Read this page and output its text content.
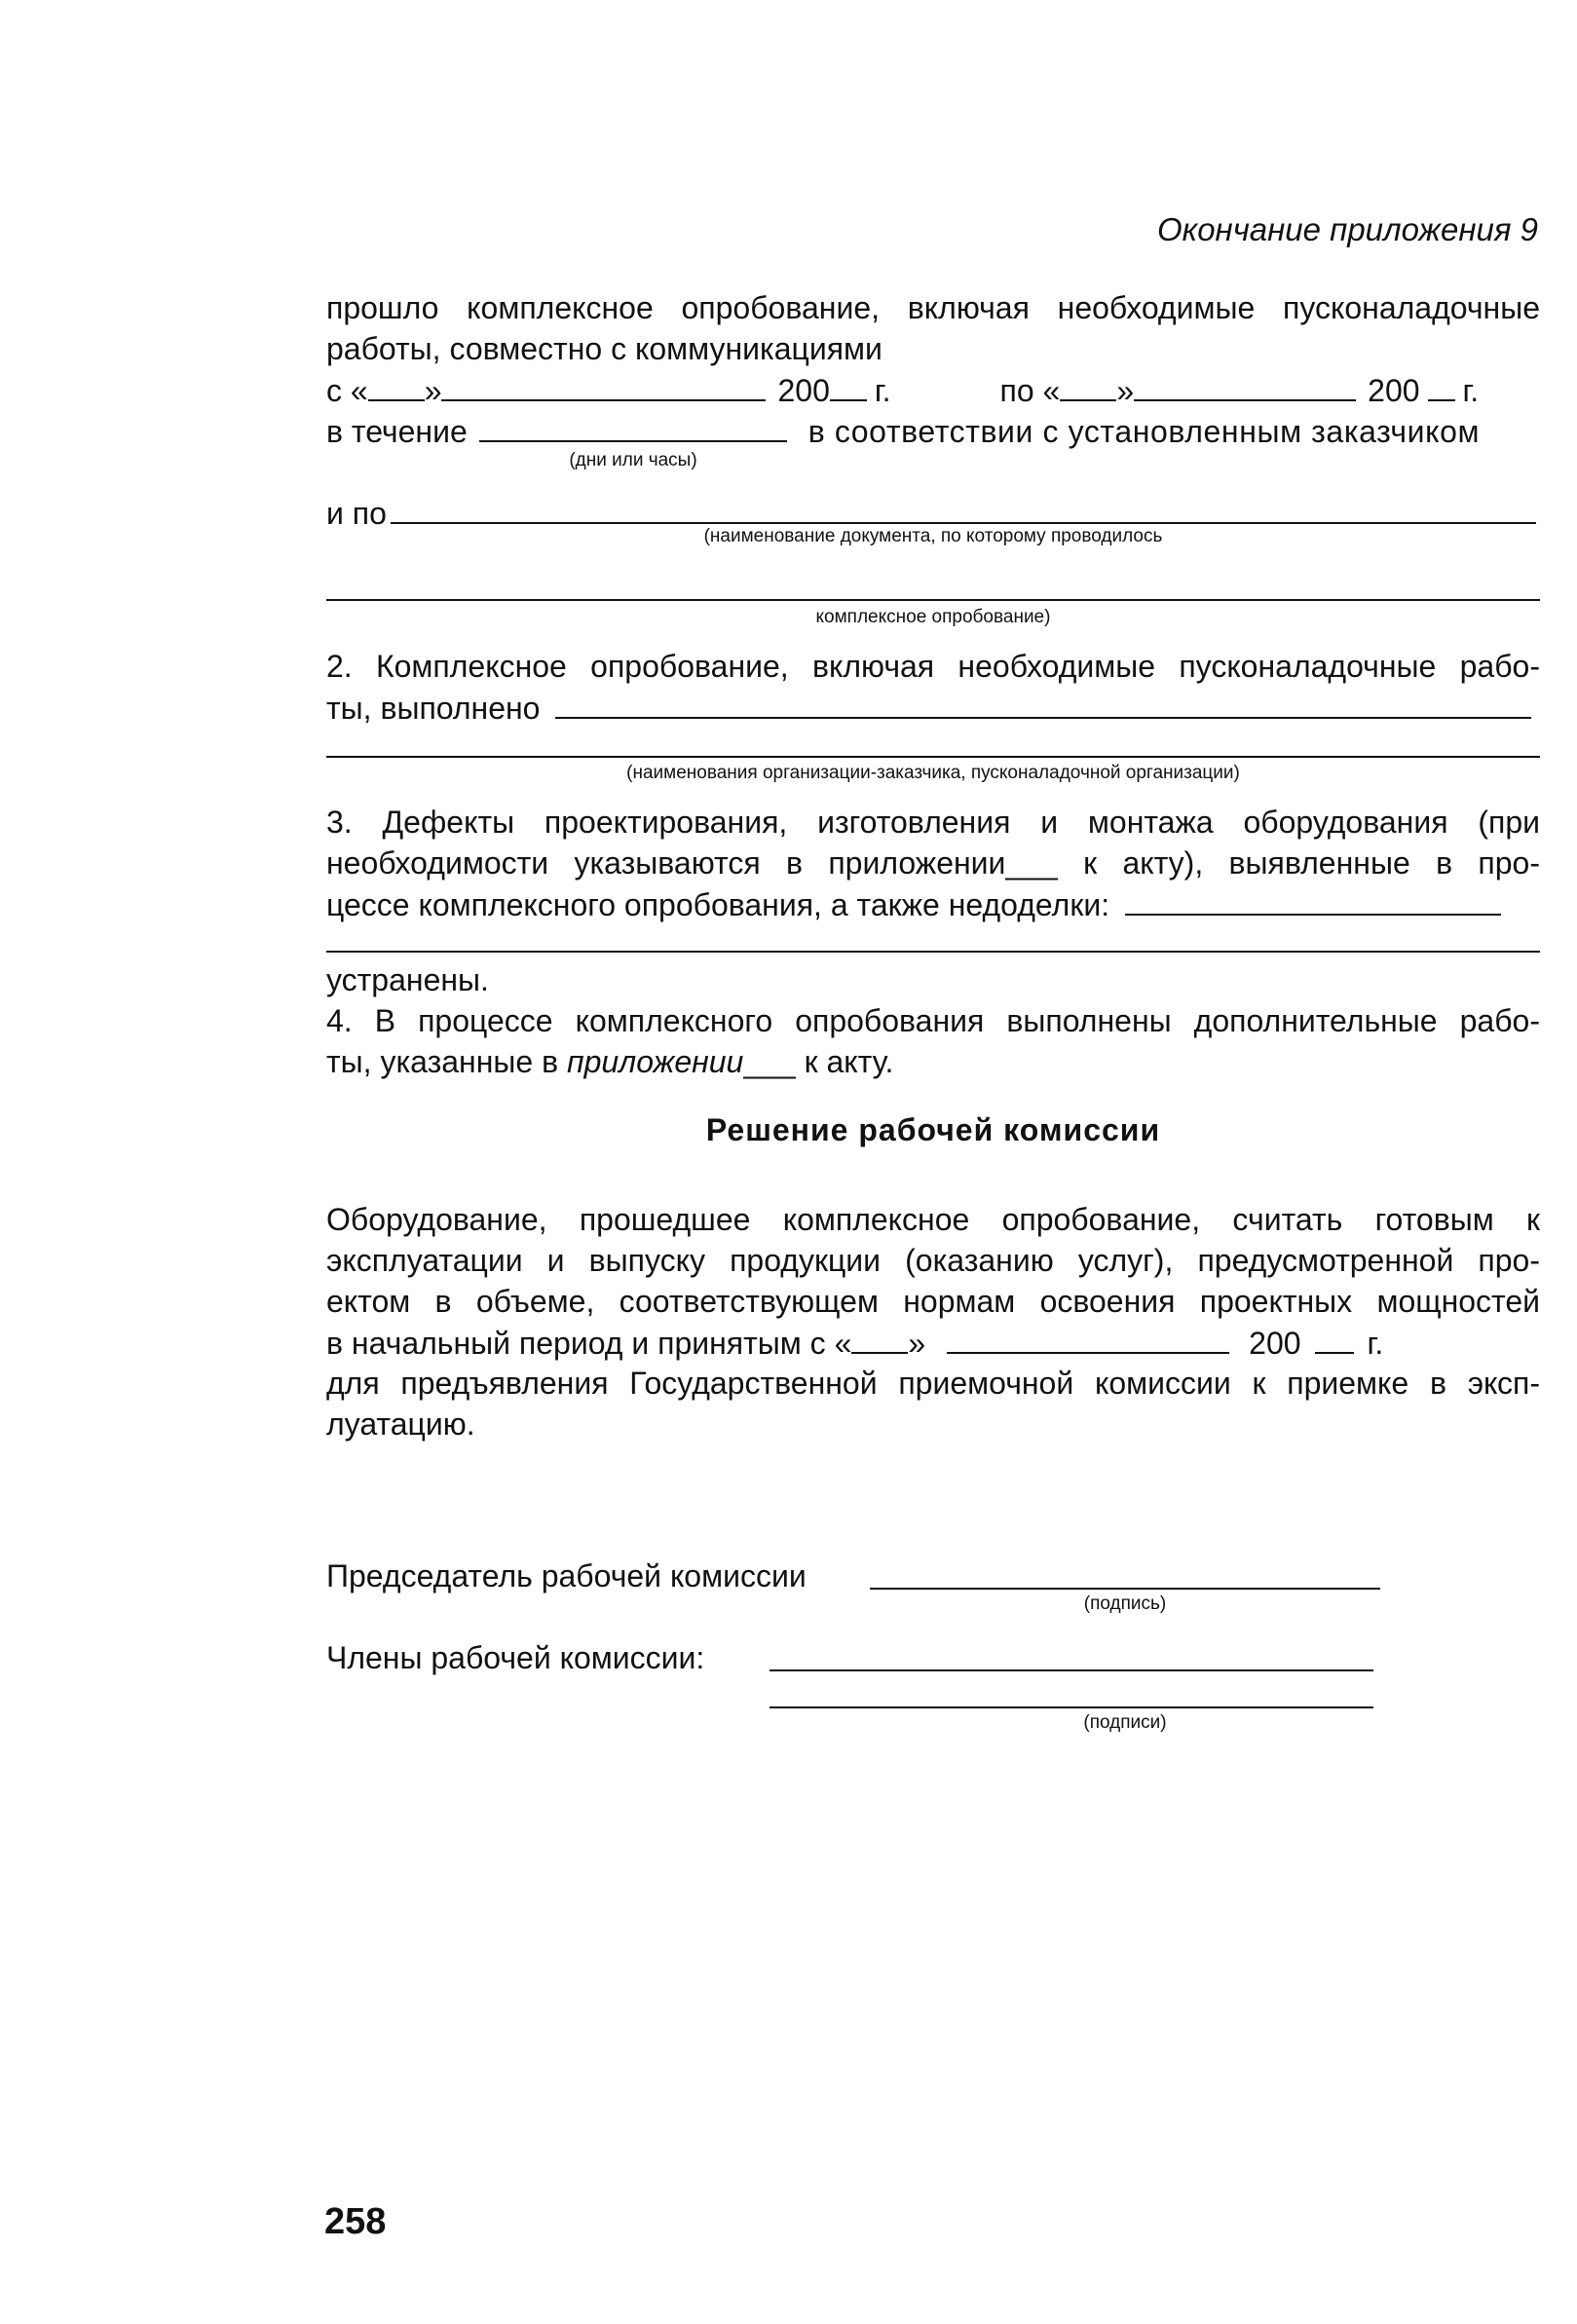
Окончание приложения 9
прошло комплексное опробование, включая необходимые пусконаладочные
работы, совместно с коммуникациями
с « »	200 г.	по « »	200 г.
в течение	в соответствии с установленным заказчиком
(дни или часы)
и по
(наименование документа, по которому проводилось
комплексное опробование)
2. Комплексное опробование, включая необходимые пусконаладочные рабо-
ты, выполнено
(наименования организации-заказчика, пусконаладочной организации)
3. Дефекты проектирования, изготовления и монтажа оборудования (при
необходимости указываются в приложении___ к акту), выявленные в про-
цессе комплексного опробования, а также недоделки:
устранены.
4. В процессе комплексного опробования выполнены дополнительные рабо-
ты, указанные в приложении___ к акту.
Решение рабочей комиссии
Оборудование, прошедшее комплексное опробование, считать готовым к
эксплуатации и выпуску продукции (оказанию услуг), предусмотренной про-
ектом в объеме, соответствующем нормам освоения проектных мощностей
в начальный период и принятым с « »	200 г.
для предъявления Государственной приемочной комиссии к приемке в экcп-
луатацию.
Председатель рабочей комиссии
(подпись)
Члены рабочей комиссии:
(подписи)
258
